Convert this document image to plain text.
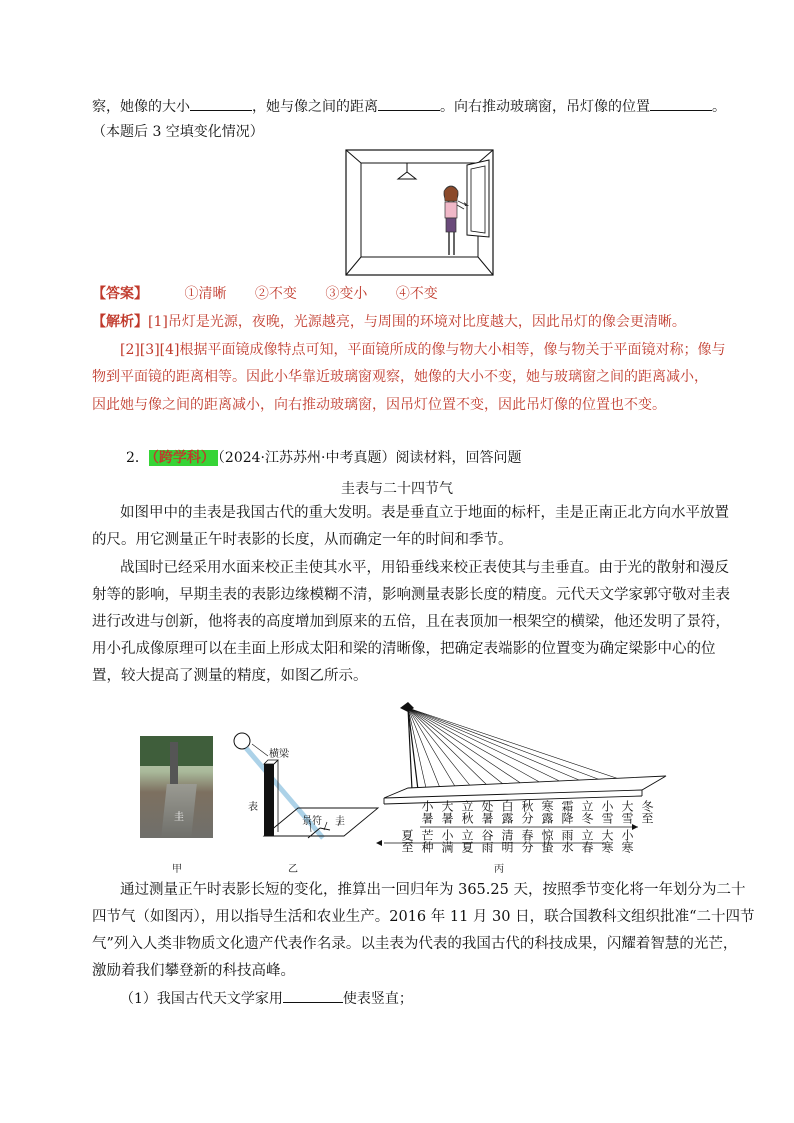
察，她像的大小	，她与像之间的距离	。向右推动玻璃窗，吊灯像的位置	。
（本题后 3 空填变化情况）
【答案】	①清晰 ②不变 ③变小 ④不变
【解析】[1]吊灯是光源，夜晚，光源越亮，与周围的环境对比度越大，因此吊灯的像会更清晰。
[2][3][4]根据平面镜成像特点可知，平面镜所成的像与物大小相等，像与物关于平面镜对称；像与
物到平面镜的距离相等。因此小华靠近玻璃窗观察，她像的大小不变，她与玻璃窗之间的距离减小，
因此她与像之间的距离减小，向右推动玻璃窗，因吊灯位置不变，因此吊灯像的位置也不变。
2． （跨学科） （2024·江苏苏州·中考真题）阅读材料，回答问题
圭表与二十四节气
如图甲中的圭表是我国古代的重大发明。表是垂直立于地面的标杆，圭是正南正北方向水平放置
的尺。用它测量正午时表影的长度，从而确定一年的时间和季节。
战国时已经采用水面来校正圭使其水平，用铅垂线来校正表使其与圭垂直。由于光的散射和漫反
射等的影响，早期圭表的表影边缘模糊不清，影响测量表影长度的精度。元代天文学家郭守敬对圭表
进行改进与创新，他将表的高度增加到原来的五倍，且在表顶加一根架空的横梁，他还发明了景符，
用小孔成像原理可以在圭面上形成太阳和梁的清晰像，把确定表端影的位置变为确定梁影中心的位
置，较大提高了测量的精度，如图乙所示。
圭
甲
横梁
表
景符 圭
乙
小暑 大暑 立秋 处暑 白露 秋分 寒露 霜降 立冬 小雪 大雪 冬至
夏至 芒种 小满 立夏 谷雨 清明 春分 惊蛰 雨水 立春 大寒 小寒
丙
通过测量正午时表影长短的变化，推算出一回归年为 365.25 天，按照季节变化将一年划分为二十
四节气（如图丙），用以指导生活和农业生产。2016 年 11 月 30 日，联合国教科文组织批准“二十四节
气”列入人类非物质文化遗产代表作名录。以圭表为代表的我国古代的科技成果，闪耀着智慧的光芒，
激励着我们攀登新的科技高峰。
（1）我国古代天文学家用	使表竖直；
